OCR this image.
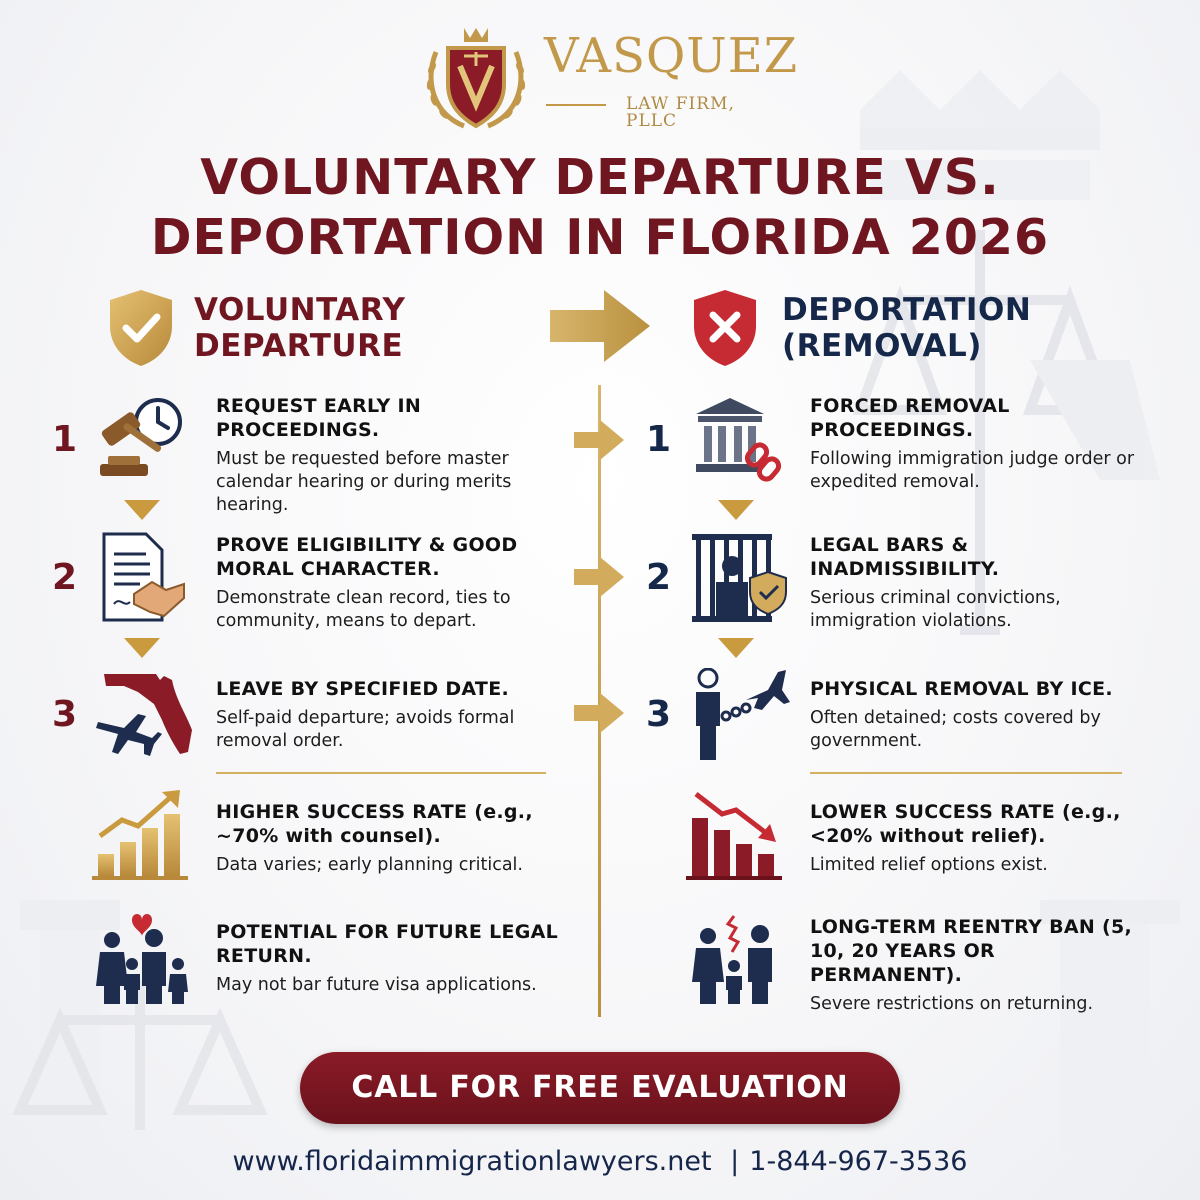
VASQUEZ
LAW FIRM, PLLC
VOLUNTARY DEPARTURE VS.
DEPORTATION IN FLORIDA 2026
VOLUNTARY
DEPARTURE
DEPORTATION
(REMOVAL)
1

REQUEST EARLY IN PROCEEDINGS.

Must be requested before master calendar hearing or during merits hearing.

2

PROVE ELIGIBILITY & GOOD MORAL CHARACTER.

Demonstrate clean record, ties to community, means to depart.

3

LEAVE BY SPECIFIED DATE.

Self-paid departure; avoids formal removal order.

HIGHER SUCCESS RATE (e.g., ~70% with counsel).

Data varies; early planning critical.

POTENTIAL FOR FUTURE LEGAL RETURN.

May not bar future visa applications.

1

FORCED REMOVAL PROCEEDINGS.

Following immigration judge order or expedited removal.

2

LEGAL BARS & INADMISSIBILITY.

Serious criminal convictions, immigration violations.

3

PHYSICAL REMOVAL BY ICE.

Often detained; costs covered by government.

LOWER SUCCESS RATE (e.g., <20% without relief).

Limited relief options exist.

LONG-TERM REENTRY BAN (5, 10, 20 YEARS OR PERMANENT).

Severe restrictions on returning.

CALL FOR FREE EVALUATION
www.floridaimmigrationlawyers.net | 1-844-967-3536
